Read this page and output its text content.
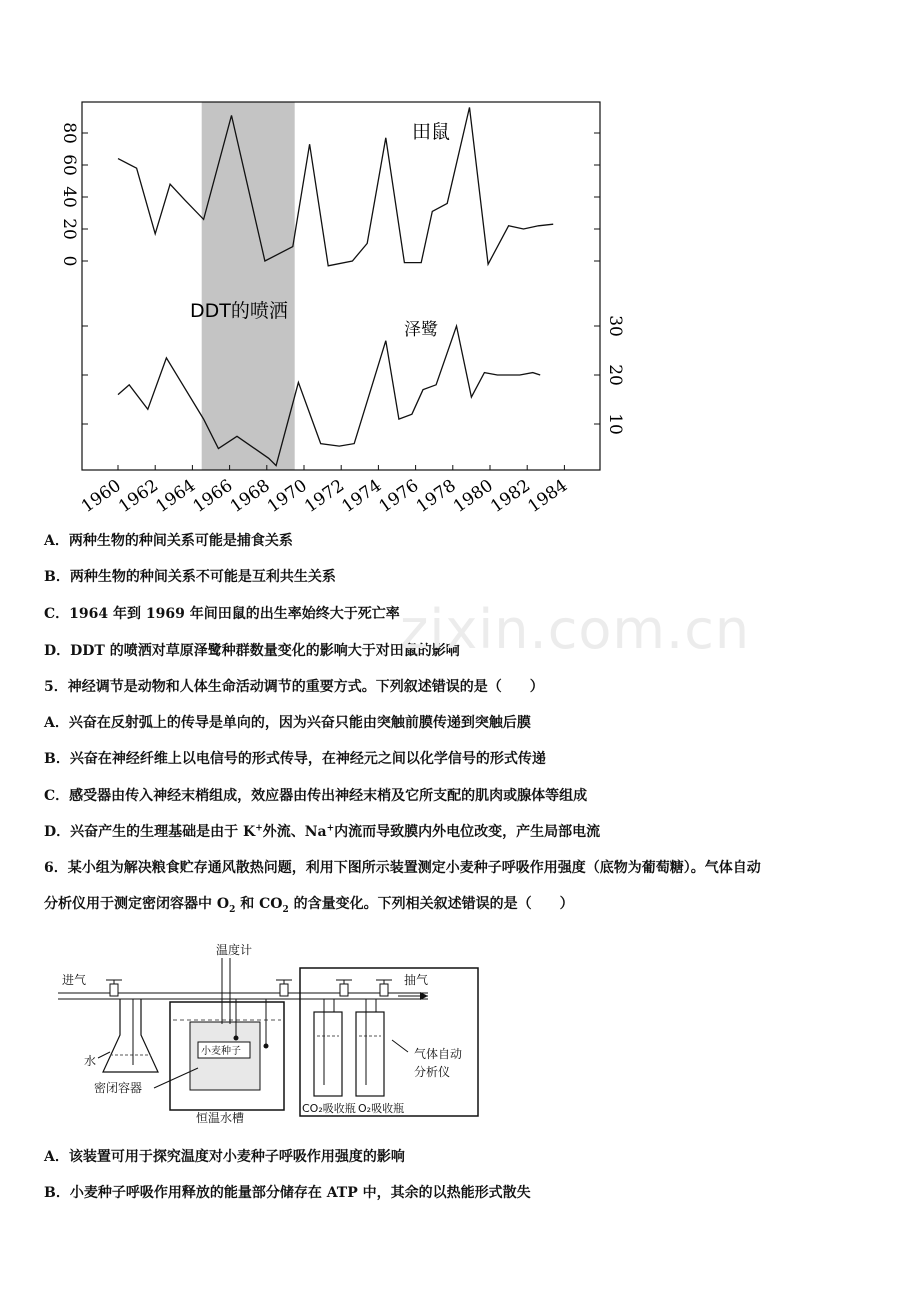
0
20
40
60
80
10
20
30
1960
1962
1964
1966
1968
1970
1972
1974
1976
1978
1980
1982
1984
田鼠
泽鹭
DDT的喷洒
A．两种生物的种间关系可能是捕食关系
B．两种生物的种间关系不可能是互利共生关系
C．1964 年到 1969 年间田鼠的出生率始终大于死亡率
D．DDT 的喷洒对草原泽鹭种群数量变化的影响大于对田鼠的影响
5．神经调节是动物和人体生命活动调节的重要方式。下列叙述错误的是（　　）
A．兴奋在反射弧上的传导是单向的，因为兴奋只能由突触前膜传递到突触后膜
B．兴奋在神经纤维上以电信号的形式传导，在神经元之间以化学信号的形式传递
C．感受器由传入神经末梢组成，效应器由传出神经末梢及它所支配的肌肉或腺体等组成
D．兴奋产生的生理基础是由于 K+外流、Na+内流而导致膜内外电位改变，产生局部电流
6．某小组为解决粮食贮存通风散热问题，利用下图所示装置测定小麦种子呼吸作用强度（底物为葡萄糖）。气体自动
分析仪用于测定密闭容器中 $O_2$ 和 $CO_2$ 的含量变化。下列相关叙述错误的是（　　）
进气
温度计
抽气
水
小麦种子
密闭容器
恒温水槽
CO₂吸收瓶 O₂吸收瓶
气体自动
分析仪
A．该装置可用于探究温度对小麦种子呼吸作用强度的影响
B．小麦种子呼吸作用释放的能量部分储存在 ATP 中，其余的以热能形式散失
zixin.com.cn
